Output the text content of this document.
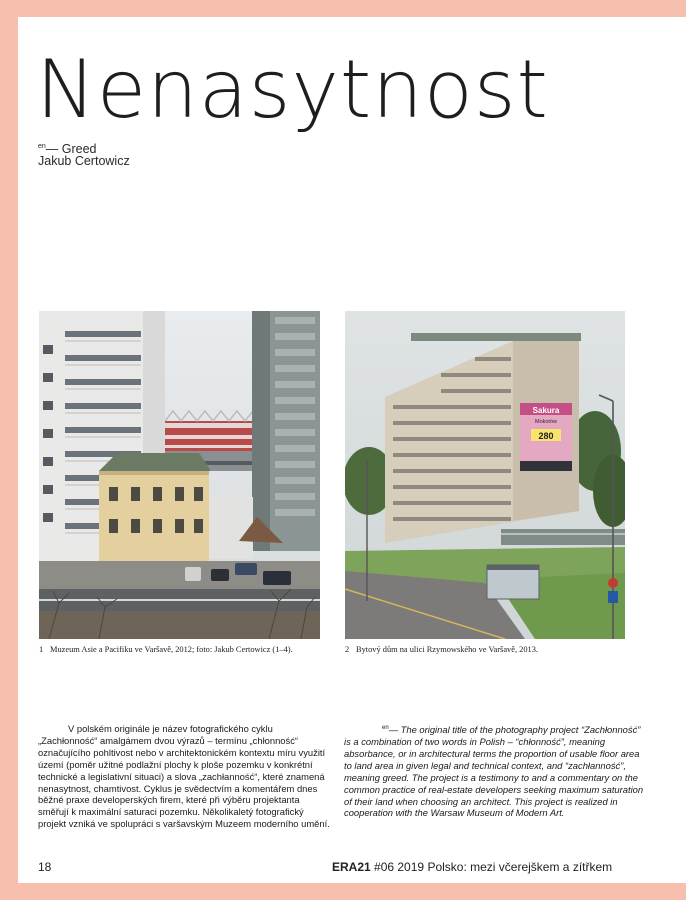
Nenasytnost
$^{en}$— Greed
Jakub Certowicz
Sakura
Mokotów
280
1 Muzeum Asie a Pacifiku ve Varšavě, 2012; foto: Jakub Certowicz (1–4).	2 Bytový dům na ulici Rzymowského ve Varšavě, 2013.

V polském originále je název fotografického cyklu „Zachłonność“ amalgámem dvou výrazů – termínu „chłonność“ označujícího pohltivost nebo v architektonickém kontextu míru využití území (poměr užitné podlažní plochy k ploše pozemku v konkrétní technické a legislativní situaci) a slova „zachłanność“, které znamená nenasytnost, chamtivost. Cyklus je svědectvím a komentářem dnes běžné praxe developerských firem, které při výběru projektanta směřují k maximální saturaci pozemku. Několikaletý fotografický projekt vzniká ve spolupráci s varšavským Muzeem moderního umění.

$^{en}$— The original title of the photography project “Zachłonność” is a combination of two words in Polish – “chłonność”, meaning absorbance, or in architectural terms the proportion of usable floor area to land area in given legal and technical context, and “zachłanność”, meaning greed. The project is a testimony to and a commentary on the common practice of real-estate developers seeking maximum saturation of their land when choosing an architect. This project is realized in cooperation with the Warsaw Museum of Modern Art.

18	ERA21 #06 2019 Polsko: mezi včerejškem a zítřkem
